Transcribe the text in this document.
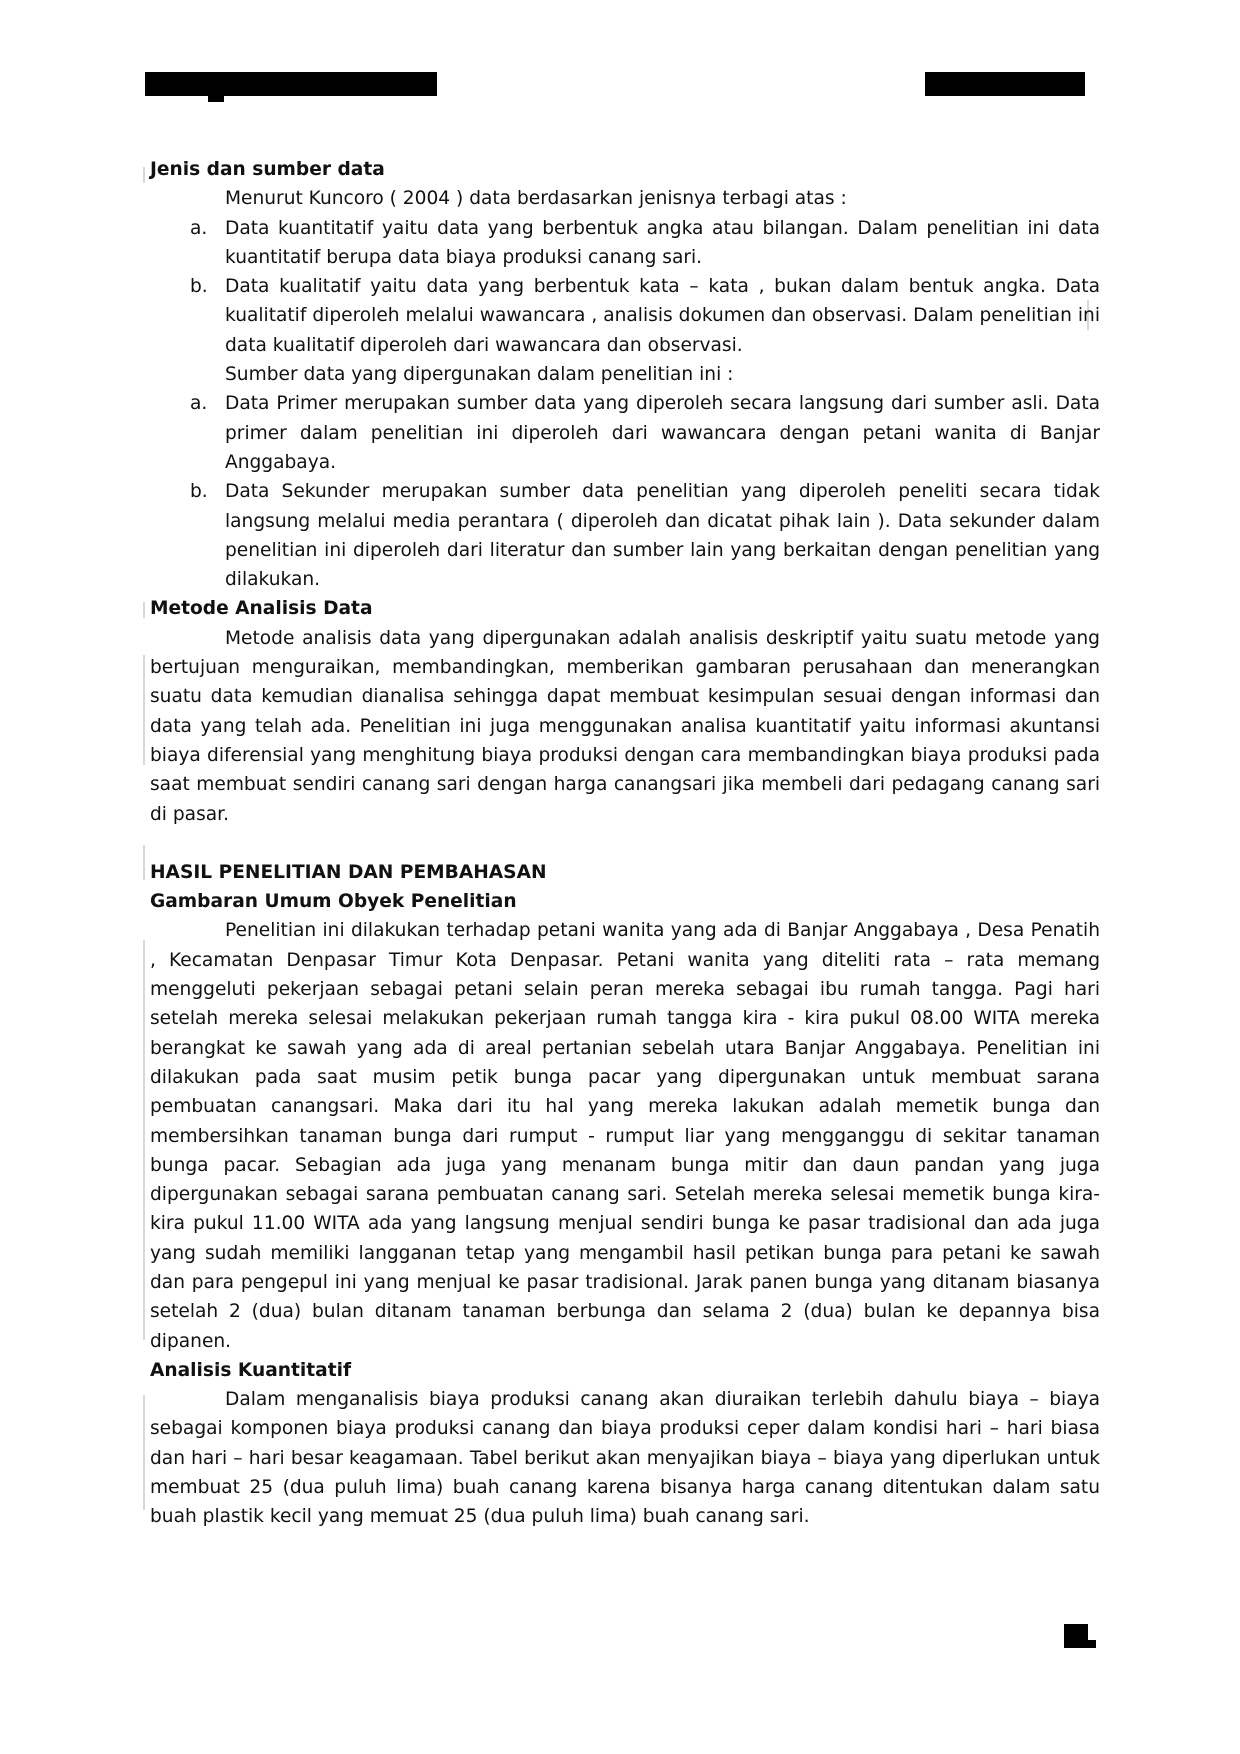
Jenis dan sumber data

Menurut Kuncoro ( 2004 ) data berdasarkan jenisnya terbagi atas :

a. Data kuantitatif yaitu data yang berbentuk angka atau bilangan. Dalam penelitian ini data kuantitatif berupa data biaya produksi canang sari.
b. Data kualitatif yaitu data yang berbentuk kata – kata , bukan dalam bentuk angka. Data kualitatif diperoleh melalui wawancara , analisis dokumen dan observasi. Dalam penelitian ini data kualitatif diperoleh dari wawancara dan observasi.

Sumber data yang dipergunakan dalam penelitian ini :

a. Data Primer merupakan sumber data yang diperoleh secara langsung dari sumber asli. Data primer dalam penelitian ini diperoleh dari wawancara dengan petani wanita di Banjar Anggabaya.
b. Data Sekunder merupakan sumber data penelitian yang diperoleh peneliti secara tidak langsung melalui media perantara ( diperoleh dan dicatat pihak lain ). Data sekunder dalam penelitian ini diperoleh dari literatur dan sumber lain yang berkaitan dengan penelitian yang dilakukan.

Metode Analisis Data

Metode analisis data yang dipergunakan adalah analisis deskriptif yaitu suatu metode yang bertujuan menguraikan, membandingkan, memberikan gambaran perusahaan dan menerangkan suatu data kemudian dianalisa sehingga dapat membuat kesimpulan sesuai dengan informasi dan data yang telah ada. Penelitian ini juga menggunakan analisa kuantitatif yaitu informasi akuntansi biaya diferensial yang menghitung biaya produksi dengan cara membandingkan biaya produksi pada saat membuat sendiri canang sari dengan harga canangsari jika membeli dari pedagang canang sari di pasar.

HASIL PENELITIAN DAN PEMBAHASAN

Gambaran Umum Obyek Penelitian

Penelitian ini dilakukan terhadap petani wanita yang ada di Banjar Anggabaya , Desa Penatih , Kecamatan Denpasar Timur Kota Denpasar. Petani wanita yang diteliti rata – rata memang menggeluti pekerjaan sebagai petani selain peran mereka sebagai ibu rumah tangga. Pagi hari setelah mereka selesai melakukan pekerjaan rumah tangga kira - kira pukul 08.00 WITA mereka berangkat ke sawah yang ada di areal pertanian sebelah utara Banjar Anggabaya. Penelitian ini dilakukan pada saat musim petik bunga pacar yang dipergunakan untuk membuat sarana pembuatan canangsari. Maka dari itu hal yang mereka lakukan adalah memetik bunga dan membersihkan tanaman bunga dari rumput - rumput liar yang mengganggu di sekitar tanaman bunga pacar. Sebagian ada juga yang menanam bunga mitir dan daun pandan yang juga dipergunakan sebagai sarana pembuatan canang sari. Setelah mereka selesai memetik bunga kira-kira pukul 11.00 WITA ada yang langsung menjual sendiri bunga ke pasar tradisional dan ada juga yang sudah memiliki langganan tetap yang mengambil hasil petikan bunga para petani ke sawah dan para pengepul ini yang menjual ke pasar tradisional. Jarak panen bunga yang ditanam biasanya setelah 2 (dua) bulan ditanam tanaman berbunga dan selama 2 (dua) bulan ke depannya bisa dipanen.

Analisis Kuantitatif

Dalam menganalisis biaya produksi canang akan diuraikan terlebih dahulu biaya – biaya sebagai komponen biaya produksi canang dan biaya produksi ceper dalam kondisi hari – hari biasa dan hari – hari besar keagamaan. Tabel berikut akan menyajikan biaya – biaya yang diperlukan untuk membuat 25 (dua puluh lima) buah canang karena bisanya harga canang ditentukan dalam satu buah plastik kecil yang memuat 25 (dua puluh lima) buah canang sari.
